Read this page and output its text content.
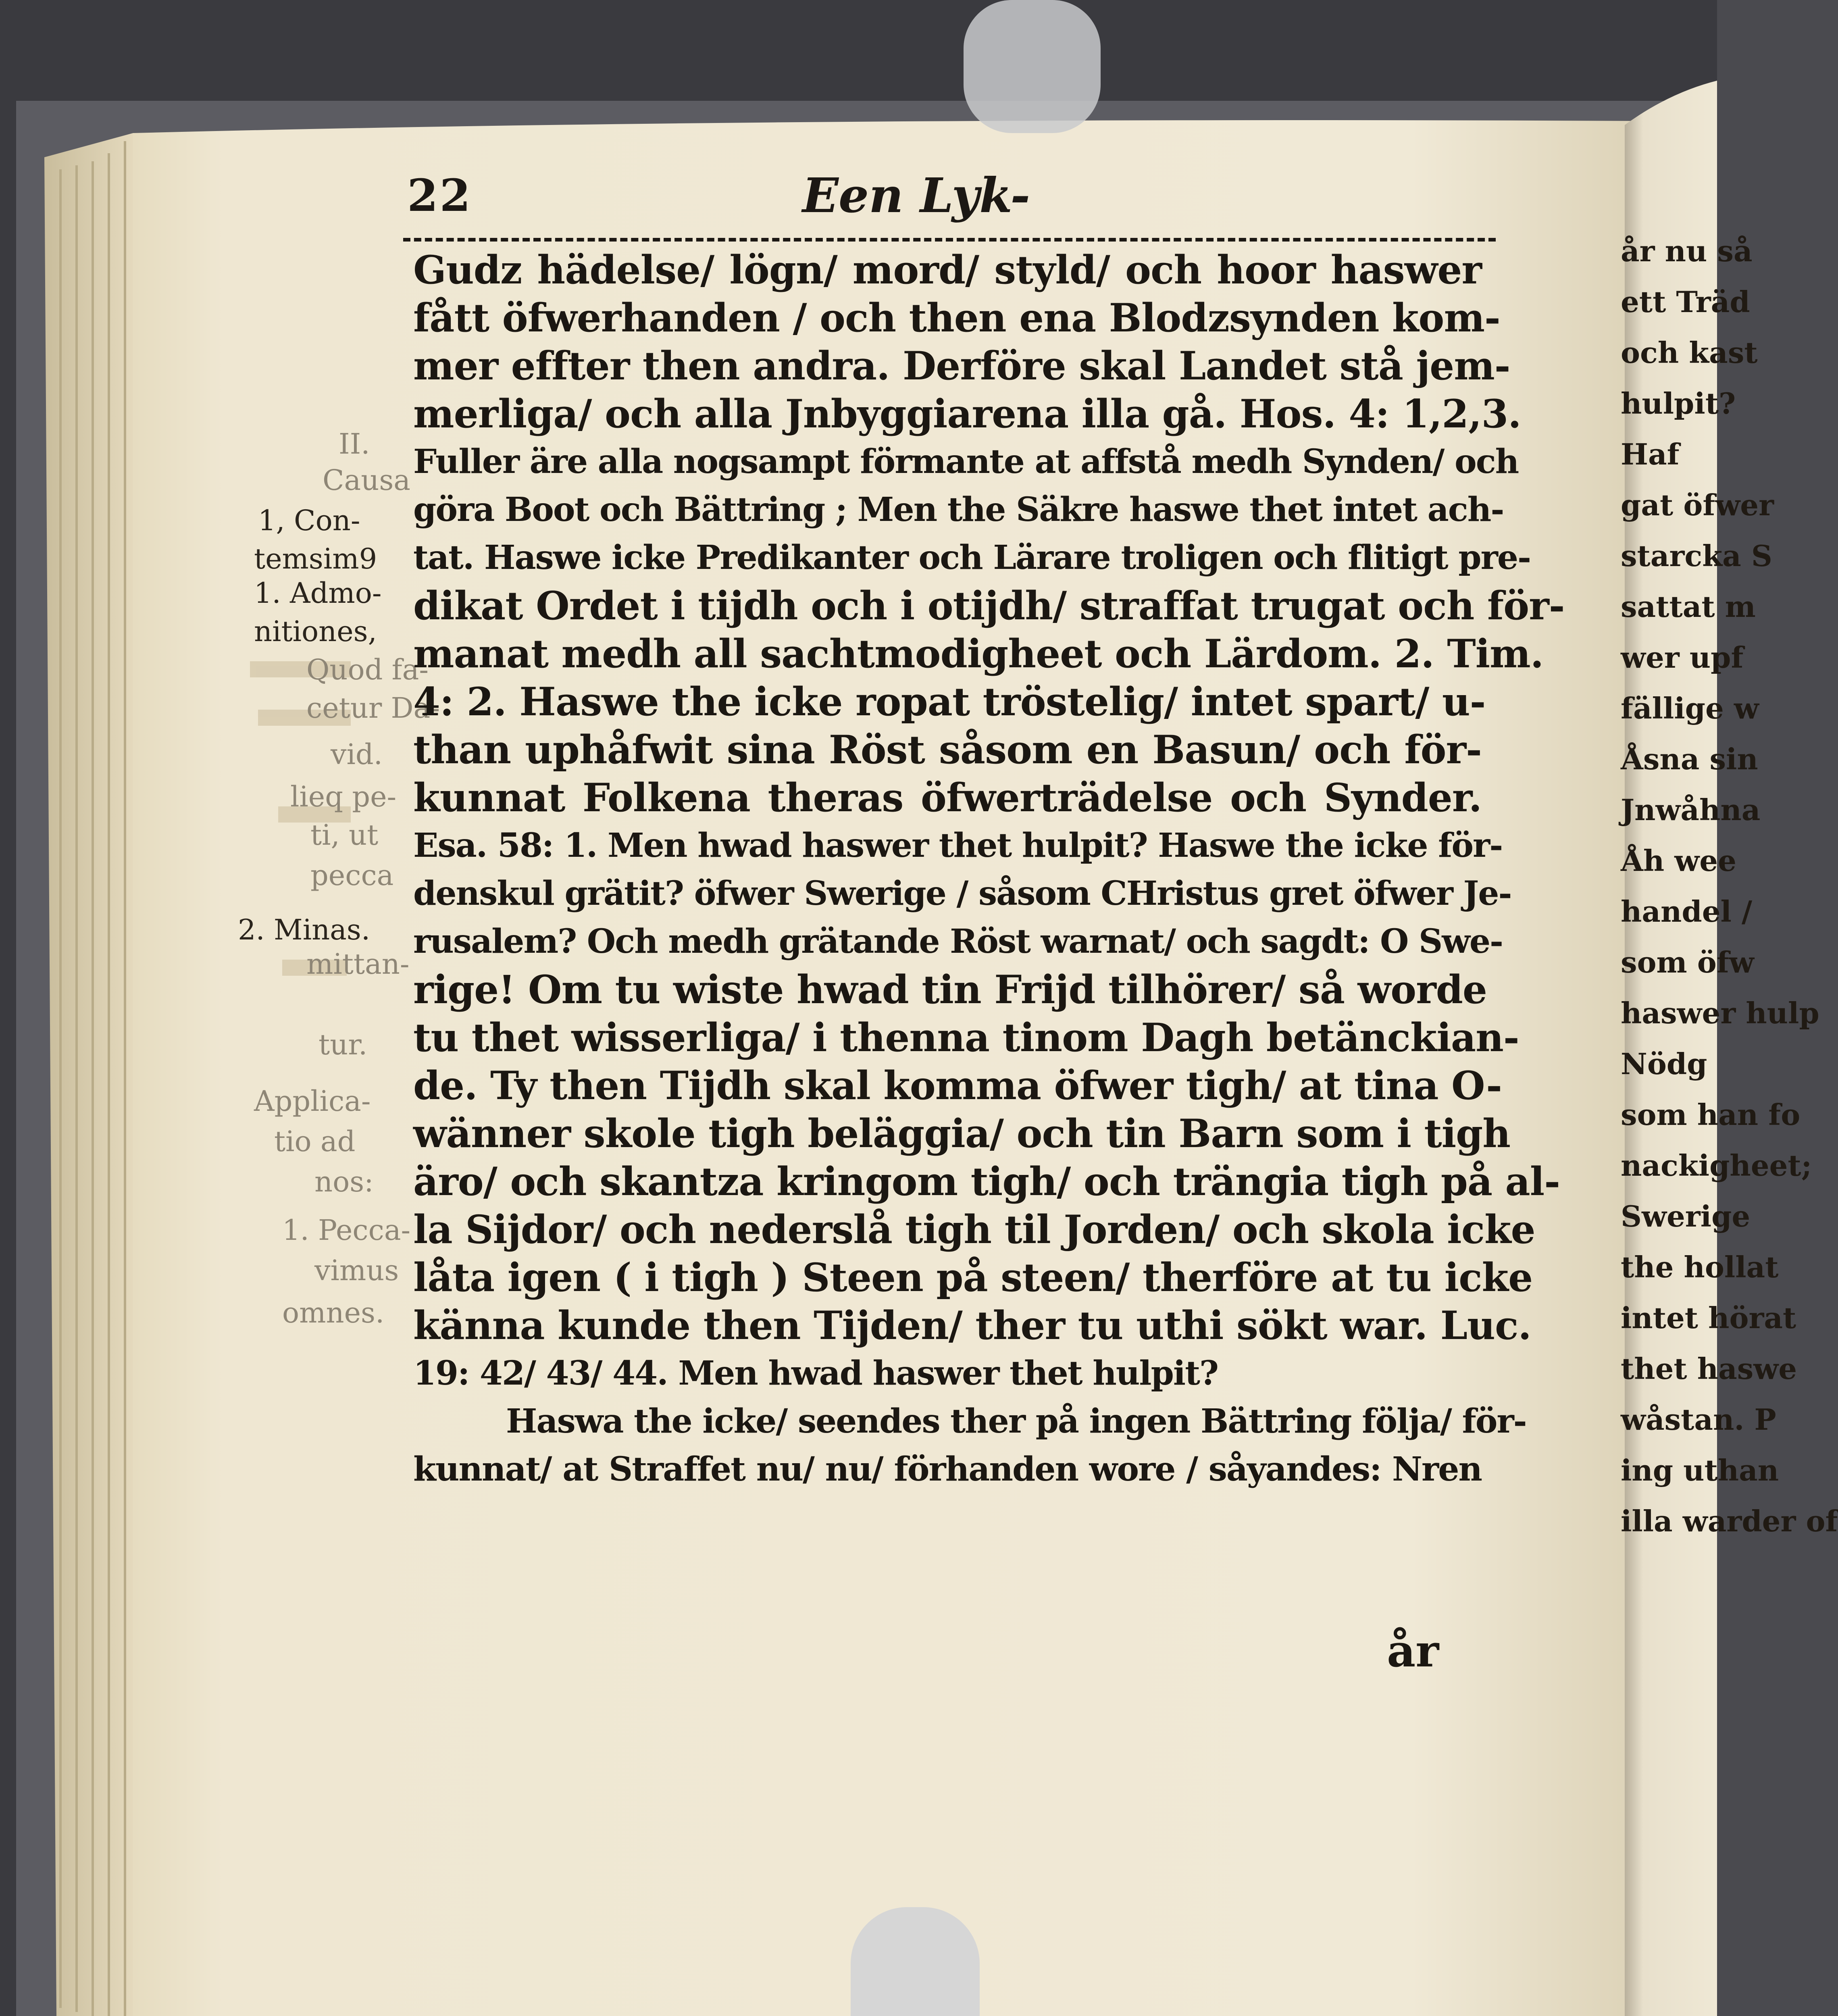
22	Een Lyk-
II.
Causa
1, Con-
temsim9
1. Admo-
nitiones,
Quod fa-
cetur Da-
vid.
lieq pe-
ti, ut
pecca
2. Minas.
mittan-
tur.
Applica-
tio ad
nos:
1. Pecca-
vimus
omnes.
Gudz hädelse/ lögn/ mord/ styld/ och hoor haswer
fått öfwerhanden / och then ena Blodzsynden kom-
mer effter then andra. Derföre skal Landet stå jem-
merliga/ och alla Jnbyggiarena illa gå. Hos. 4: 1,2,3.
Fuller äre alla nogsampt förmante at affstå medh Synden/ och
göra Boot och Bättring ; Men the Säkre haswe thet intet ach-
tat. Haswe icke Predikanter och Lärare troligen och flitigt pre-
dikat Ordet i tijdh och i otijdh/ straffat trugat och för-
manat medh all sachtmodigheet och Lärdom. 2. Tim.
4: 2. Haswe the icke ropat tröstelig/ intet spart/ u-
than uphåfwit sina Röst såsom en Basun/ och för-
kunnat Folkena theras öfwerträdelse och Synder.
Esa. 58: 1. Men hwad haswer thet hulpit? Haswe the icke för-
denskul grätit? öfwer Swerige / såsom CHristus gret öfwer Je-
rusalem? Och medh grätande Röst warnat/ och sagdt: O Swe-
rige! Om tu wiste hwad tin Frijd tilhörer/ så worde
tu thet wisserliga/ i thenna tinom Dagh betänckian-
de. Ty then Tijdh skal komma öfwer tigh/ at tina O-
wänner skole tigh beläggia/ och tin Barn som i tigh
äro/ och skantza kringom tigh/ och trängia tigh på al-
la Sijdor/ och nederslå tigh til Jorden/ och skola icke
låta igen ( i tigh ) Steen på steen/ therföre at tu icke
känna kunde then Tijden/ ther tu uthi sökt war. Luc.
19: 42/ 43/ 44. Men hwad haswer thet hulpit?
Haswa the icke/ seendes ther på ingen Bättring följa/ för-
kunnat/ at Straffet nu/ nu/ förhanden wore / såyandes: Nren
år
år nu så
ett Träd
och kast
hulpit?
Haf
gat öfwer
starcka S
sattat m
wer upf
fällige w
Åsna sin
Jnwåhna
Åh wee
handel /
som öfw
haswer hulp
Nödg
som han fo
nackigheet;
Swerige
the hollat
intet hörat
thet haswe
wåstan. P
ing uthan
illa warder of
